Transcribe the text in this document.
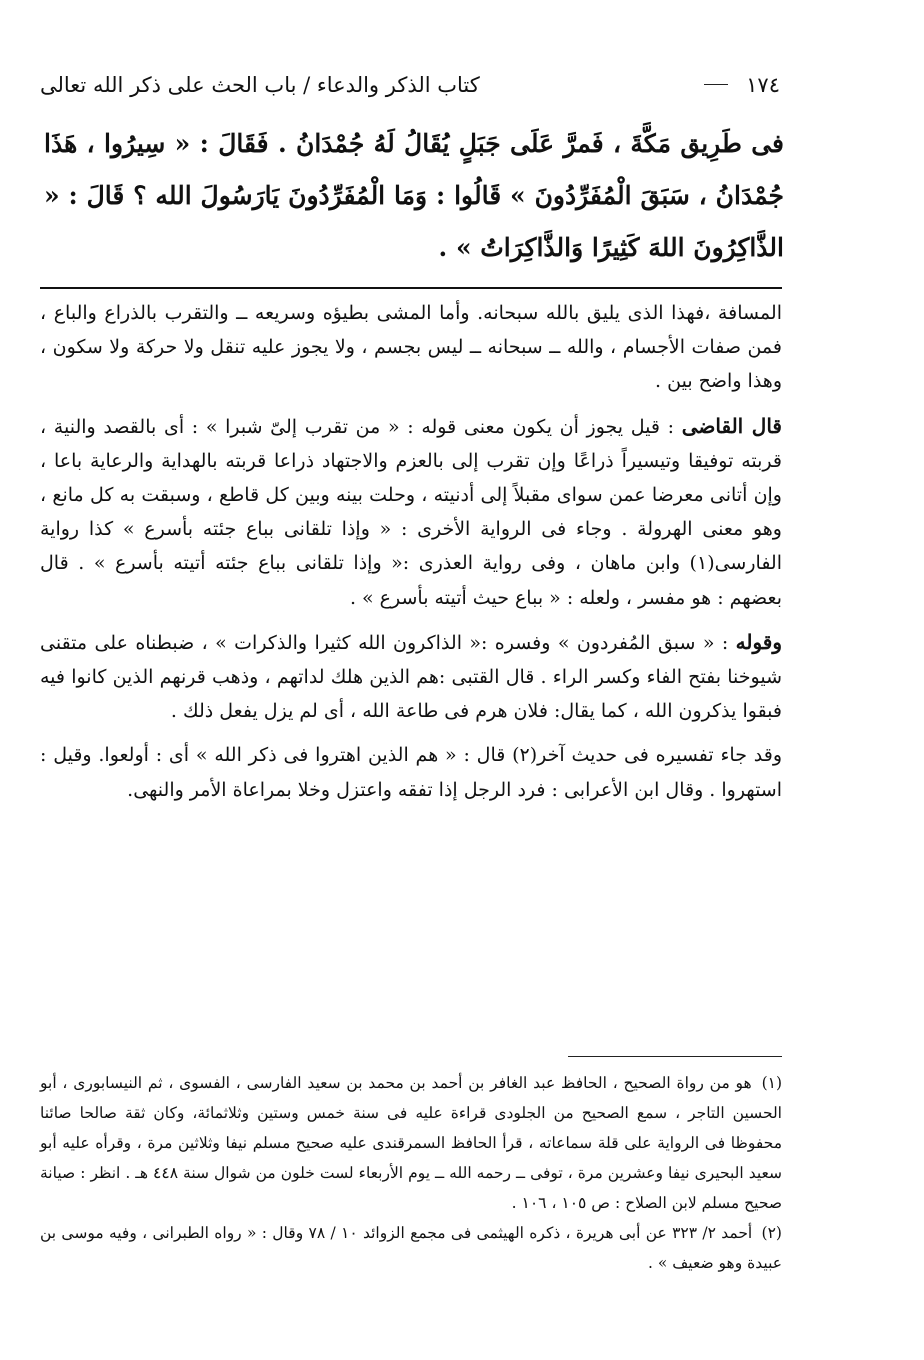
١٧٤
كتاب الذكر والدعاء / باب الحث على ذكر الله تعالى

فى طَرِيق مَكَّةَ ، فَمرَّ عَلَى جَبَلٍ يُقَالُ لَهُ جُمْدَانُ . فَقَالَ : « سِيرُوا ، هَذَا جُمْدَانُ ، سَبَقَ الْمُفَرِّدُونَ » قَالُوا : وَمَا الْمُفَرِّدُونَ يَارَسُولَ الله ؟ قَالَ : « الذَّاكِرُونَ اللهَ كَثِيرًا وَالذَّاكِرَاتُ » .

المسافة ،فهذا الذى يليق بالله سبحانه. وأما المشى بطيؤه وسريعه ــ والتقرب بالذراع والباع ، فمن صفات الأجسام ، والله ــ سبحانه ــ ليس بجسم ، ولا يجوز عليه تنقل ولا حركة ولا سكون ، وهذا واضح بين .

قال القاضى : قيل يجوز أن يكون معنى قوله : « من تقرب إلىّ شبرا » : أى بالقصد والنية ، قربته توفيقا وتيسيراً ذراعًا وإن تقرب إلى بالعزم والاجتهاد ذراعا قربته بالهداية والرعاية باعا ، وإن أتانى معرضا عمن سواى مقبلاً إلى أدنيته ، وحلت بينه وبين كل قاطع ، وسبقت به كل مانع ، وهو معنى الهرولة . وجاء فى الرواية الأخرى : « وإذا تلقانى بباع جئته بأسرع » كذا رواية الفارسى(١) وابن ماهان ، وفى رواية العذرى :« وإذا تلقانى بباع جئته أتيته بأسرع » . قال بعضهم : هو مفسر ، ولعله : « بباع حيث أتيته بأسرع » .

وقوله : « سبق المُفردون » وفسره :« الذاكرون الله كثيرا والذكرات » ، ضبطناه على متقنى شيوخنا بفتح الفاء وكسر الراء . قال القتبى :هم الذين هلك لداتهم ، وذهب قرنهم الذين كانوا فيه فبقوا يذكرون الله ، كما يقال: فلان هرم فى طاعة الله ، أى لم يزل يفعل ذلك .

وقد جاء تفسيره فى حديث آخر(٢) قال : « هم الذين اهتروا فى ذكر الله » أى : أولعوا. وقيل : استهروا . وقال ابن الأعرابى : فرد الرجل إذا تفقه واعتزل وخلا بمراعاة الأمر والنهى.

(١) هو من رواة الصحيح ، الحافظ عبد الغافر بن أحمد بن محمد بن سعيد الفارسى ، الفسوى ، ثم النيسابورى ، أبو الحسين التاجر ، سمع الصحيح من الجلودى قراءة عليه فى سنة خمس وستين وثلاثمائة، وكان ثقة صالحا صائنا محفوظا فى الرواية على قلة سماعاته ، قرأ الحافظ السمرقندى عليه صحيح مسلم نيفا وثلاثين مرة ، وقرأه عليه أبو سعيد البحيرى نيفا وعشرين مرة ، توفى ــ رحمه الله ــ يوم الأربعاء لست خلون من شوال سنة ٤٤٨ هـ . انظر : صيانة صحيح مسلم لابن الصلاح : ص ١٠٥ ، ١٠٦ .

(٢) أحمد ٢/ ٣٢٣ عن أبى هريرة ، ذكره الهيثمى فى مجمع الزوائد ١٠ / ٧٨ وقال : « رواه الطبرانى ، وفيه موسى بن عبيدة وهو ضعيف » .
